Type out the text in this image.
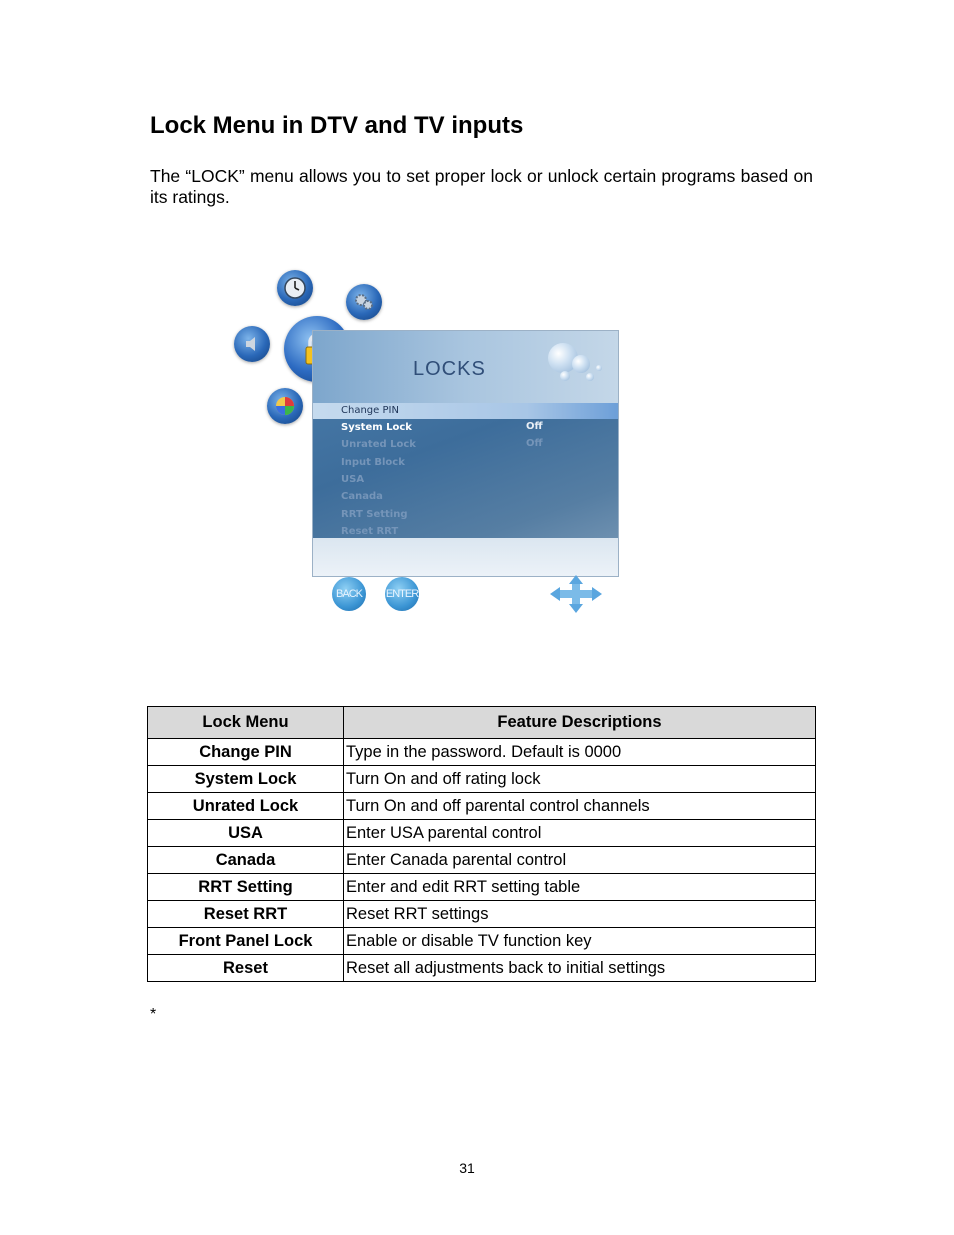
Lock Menu in DTV and TV inputs

The “LOCK” menu allows you to set proper lock or unlock certain programs based on its ratings.

LOCKS
Change PIN
System Lock	Off
Unrated Lock	Off
Input Block
USA
Canada
RRT Setting
Reset RRT
BACK	ENTER
Lock Menu	Feature Descriptions
Change PIN	Type in the password. Default is 0000
System Lock	Turn On and off rating lock
Unrated Lock	Turn On and off parental control channels
USA	Enter USA parental control
Canada	Enter Canada parental control
RRT Setting	Enter and edit RRT setting table
Reset RRT	Reset RRT settings
Front Panel Lock	Enable or disable TV function key
Reset	Reset all adjustments back to initial settings
*
31
